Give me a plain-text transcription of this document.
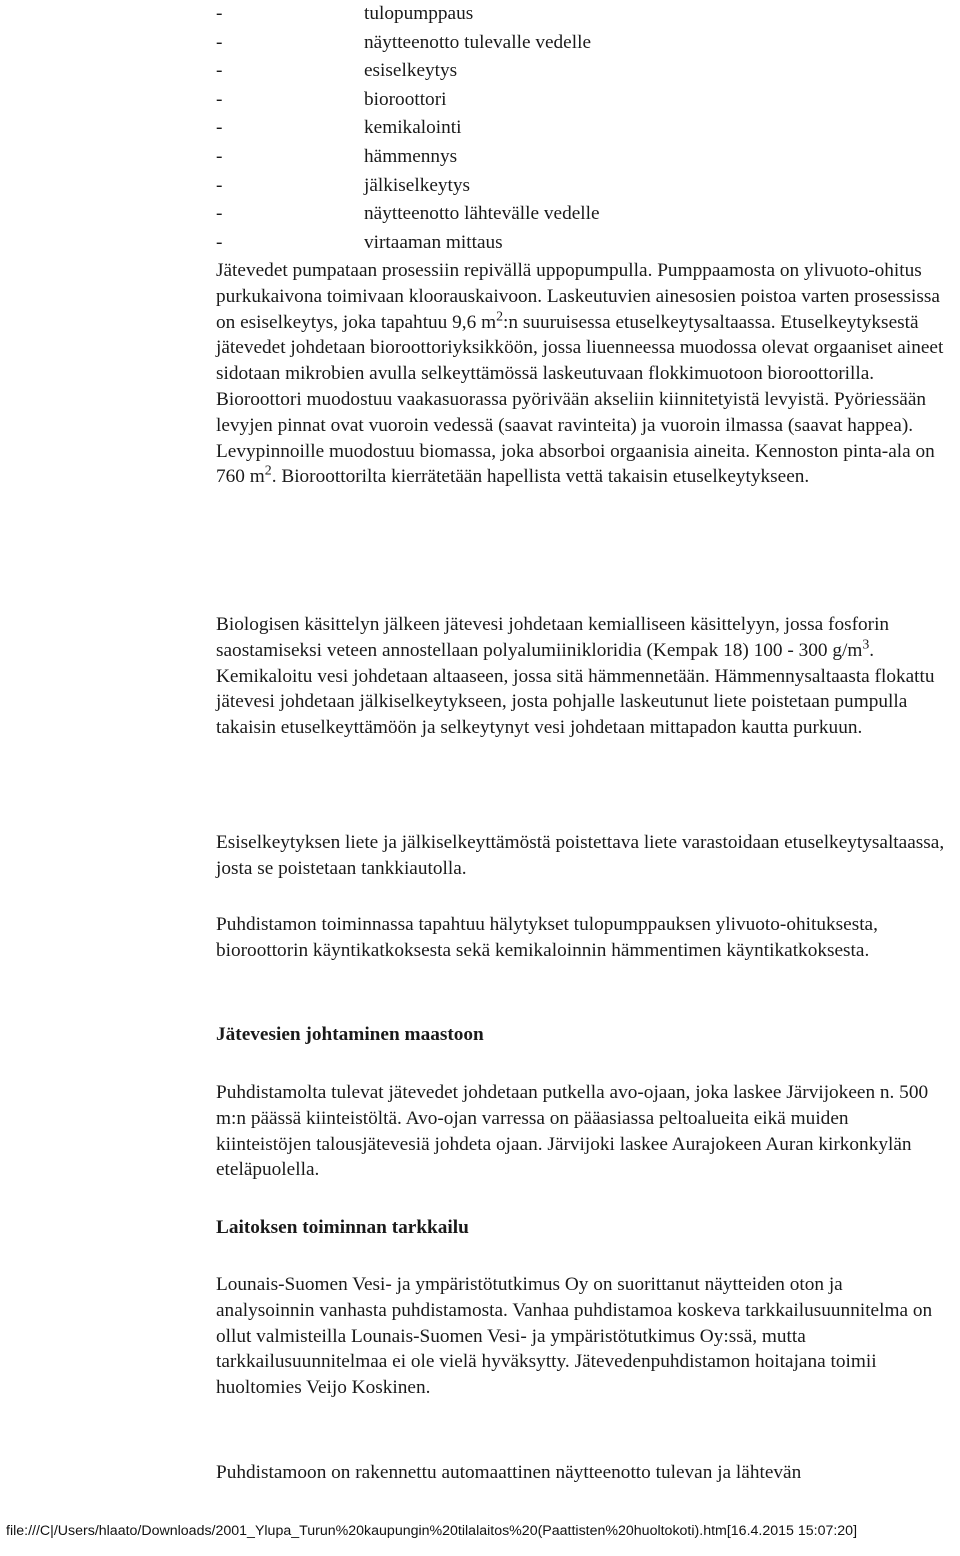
-	tulopumppaus
-	näytteenotto tulevalle vedelle
-	esiselkeytys
-	bioroottori
-	kemikalointi
-	hämmennys
-	jälkiselkeytys
-	näytteenotto lähtevälle vedelle
-	virtaaman mittaus

Jätevedet pumpataan prosessiin repivällä uppopumpulla. Pumppaamosta on ylivuoto-ohitus purkukaivona toimivaan kloorauskaivoon. Laskeutuvien ainesosien poistoa varten prosessissa on esiselkeytys, joka tapahtuu 9,6 $m^2:n$ suuruisessa etuselkeytysaltaassa. Etuselkeytyksestä jätevedet johdetaan bioroottoriyksikköön, jossa liuenneessa muodossa olevat orgaaniset aineet sidotaan mikrobien avulla selkeyttämössä laskeutuvaan flokkimuotoon bioroottorilla. Bioroottori muodostuu vaakasuorassa pyörivään akseliin kiinnitetyistä levyistä. Pyöriessään levyjen pinnat ovat vuoroin vedessä (saavat ravinteita) ja vuoroin ilmassa (saavat happea). Levypinnoille muodostuu biomassa, joka absorboi orgaanisia aineita. Kennoston pinta-ala on 760 $m^2$. Bioroottorilta kierrätetään hapellista vettä takaisin etuselkeytykseen.

Biologisen käsittelyn jälkeen jätevesi johdetaan kemialliseen käsittelyyn, jossa fosforin saostamiseksi veteen annostellaan polyalumiinikloridia (Kempak 18) 100 - 300 $g/m^3$. Kemikaloitu vesi johdetaan altaaseen, jossa sitä hämmennetään. Hämmennysaltaasta flokattu jätevesi johdetaan jälkiselkeytykseen, josta pohjalle laskeutunut liete poistetaan pumpulla takaisin etuselkeyttämöön ja selkeytynyt vesi johdetaan mittapadon kautta purkuun.

Esiselkeytyksen liete ja jälkiselkeyttämöstä poistettava liete varastoidaan etuselkeytysaltaassa, josta se poistetaan tankkiautolla.

Puhdistamon toiminnassa tapahtuu hälytykset tulopumppauksen ylivuoto-ohituksesta, bioroottorin käyntikatkoksesta sekä kemikaloinnin hämmentimen käyntikatkoksesta.

Jätevesien johtaminen maastoon

Puhdistamolta tulevat jätevedet johdetaan putkella avo-ojaan, joka laskee Järvijokeen n. 500 m:n päässä kiinteistöltä. Avo-ojan varressa on pääasiassa peltoalueita eikä muiden kiinteistöjen talousjätevesiä johdeta ojaan. Järvijoki laskee Aurajokeen Auran kirkonkylän eteläpuolella.

Laitoksen toiminnan tarkkailu

Lounais-Suomen Vesi- ja ympäristötutkimus Oy on suorittanut näytteiden oton ja analysoinnin vanhasta puhdistamosta. Vanhaa puhdistamoa koskeva tarkkailusuunnitelma on ollut valmisteilla Lounais-Suomen Vesi- ja ympäristötutkimus Oy:ssä, mutta tarkkailusuunnitelmaa ei ole vielä hyväksytty. Jätevedenpuhdistamon hoitajana toimii huoltomies Veijo Koskinen.

Puhdistamoon on rakennettu automaattinen näytteenotto tulevan ja lähtevän

file:///C|/Users/hlaato/Downloads/2001_Ylupa_Turun%20kaupungin%20tilalaitos%20(Paattisten%20huoltokoti).htm[16.4.2015 15:07:20]
